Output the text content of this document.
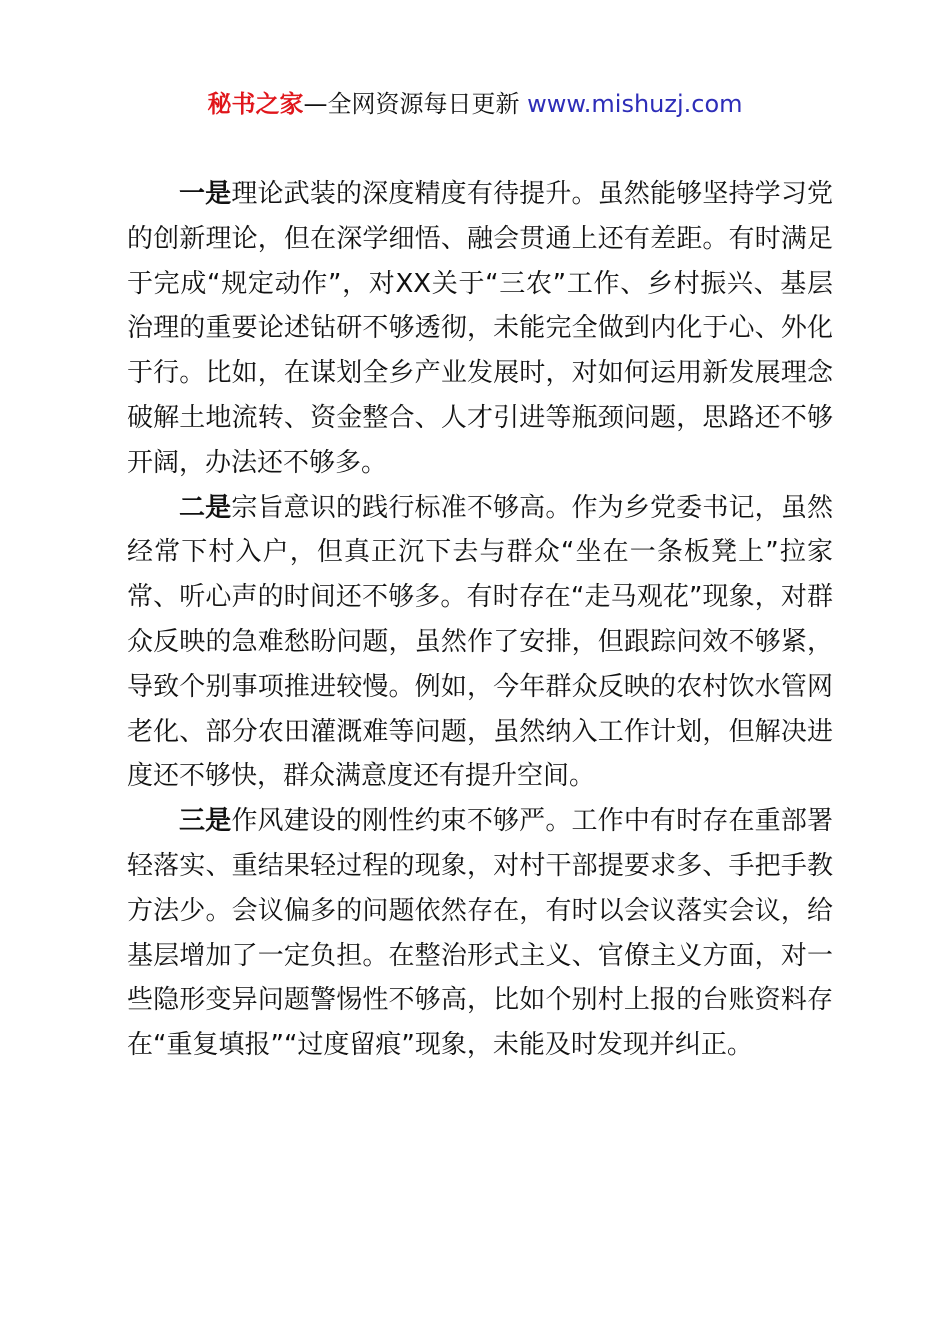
秘书之家—全网资源每日更新 www.mishuzj.com

一是理论武装的深度精度有待提升。虽然能够坚持学习党的创新理论，但在深学细悟、融会贯通上还有差距。有时满足于完成“规定动作”，对XX关于“三农”工作、乡村振兴、基层治理的重要论述钻研不够透彻，未能完全做到内化于心、外化于行。比如，在谋划全乡产业发展时，对如何运用新发展理念破解土地流转、资金整合、人才引进等瓶颈问题，思路还不够开阔，办法还不够多。

二是宗旨意识的践行标准不够高。作为乡党委书记，虽然经常下村入户，但真正沉下去与群众“坐在一条板凳上”拉家常、听心声的时间还不够多。有时存在“走马观花”现象，对群众反映的急难愁盼问题，虽然作了安排，但跟踪问效不够紧，导致个别事项推进较慢。例如，今年群众反映的农村饮水管网老化、部分农田灌溉难等问题，虽然纳入工作计划，但解决进度还不够快，群众满意度还有提升空间。

三是作风建设的刚性约束不够严。工作中有时存在重部署轻落实、重结果轻过程的现象，对村干部提要求多、手把手教方法少。会议偏多的问题依然存在，有时以会议落实会议，给基层增加了一定负担。在整治形式主义、官僚主义方面，对一些隐形变异问题警惕性不够高，比如个别村上报的台账资料存在“重复填报”“过度留痕”现象，未能及时发现并纠正。
